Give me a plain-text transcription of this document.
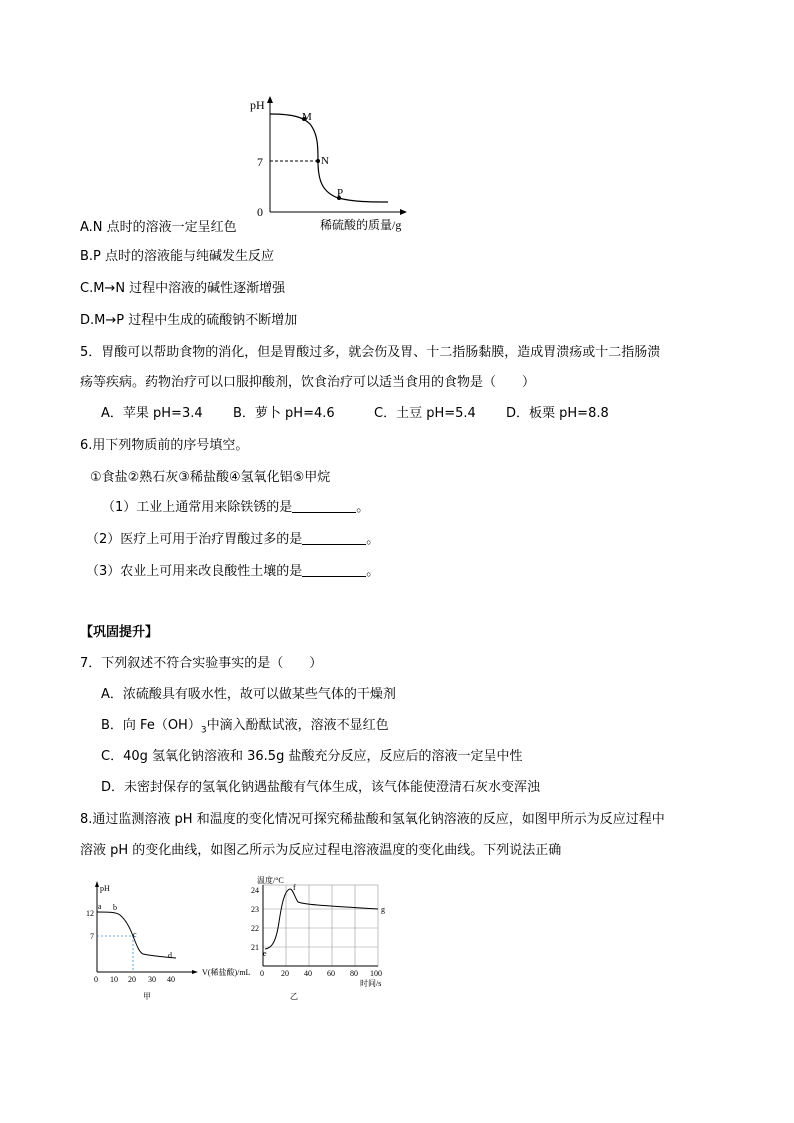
pH
7
0
M
N
P
稀硫酸的质量/g
A.N 点时的溶液一定呈红色
B.P 点时的溶液能与纯碱发生反应
C.M→N 过程中溶液的碱性逐渐增强
D.M→P 过程中生成的硫酸钠不断增加
5．胃酸可以帮助食物的消化，但是胃酸过多，就会伤及胃、十二指肠黏膜，造成胃溃疡或十二指肠溃
疡等疾病。药物治疗可以口服抑酸剂，饮食治疗可以适当食用的食物是（　　）
A．苹果 pH=3.4 B．萝卜 pH=4.6	C．土豆 pH=5.4 D．板栗 pH=8.8
6.用下列物质前的序号填空。
①食盐②熟石灰③稀盐酸④氢氧化铝⑤甲烷
（1）工业上通常用来除铁锈的是	。
（2）医疗上可用于治疗胃酸过多的是	。
（3）农业上可用来改良酸性土壤的是	。
【巩固提升】
7．下列叙述不符合实验事实的是（　　）
A．浓硫酸具有吸水性，故可以做某些气体的干燥剂
B．向 $Fe(OH)_3$中滴入酚酞试液，溶液不显红色
C．40g 氢氧化钠溶液和 36.5g 盐酸充分反应，反应后的溶液一定呈中性
D．未密封保存的氢氧化钠遇盐酸有气体生成，该气体能使澄清石灰水变浑浊
8.通过监测溶液 pH 和温度的变化情况可探究稀盐酸和氢氧化钠溶液的反应，如图甲所示为反应过程中
溶液 pH 的变化曲线，如图乙所示为反应过程电溶液温度的变化曲线。下列说法正确
pH
12
7
a b
c
d
0 10 20 30 40
V(稀盐酸)/mL
甲
温度/°C
24
23
22
21
e
f
g
0 20 40 60 80 100
时间/s
乙
